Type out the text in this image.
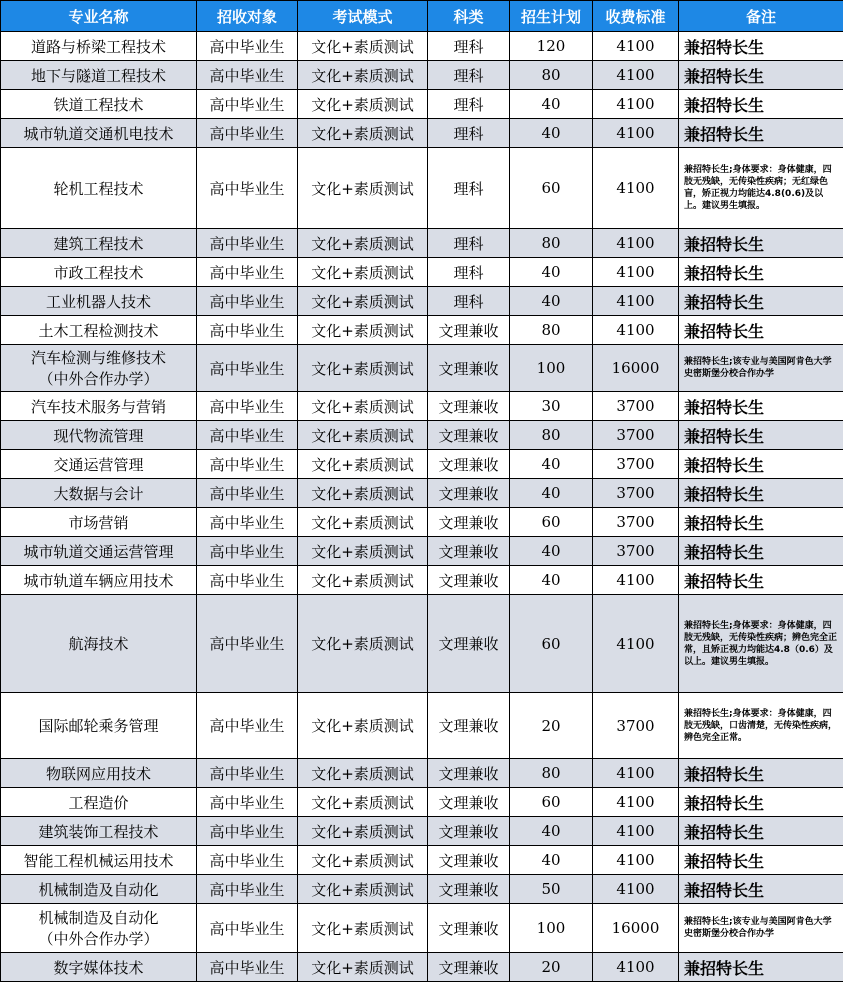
专业名称	招收对象	考试模式	科类	招生计划	收费标准	备注
道路与桥梁工程技术	高中毕业生	文化+素质测试	理科	120	4100	兼招特长生
地下与隧道工程技术	高中毕业生	文化+素质测试	理科	80	4100	兼招特长生
铁道工程技术	高中毕业生	文化+素质测试	理科	40	4100	兼招特长生
城市轨道交通机电技术	高中毕业生	文化+素质测试	理科	40	4100	兼招特长生
轮机工程技术	高中毕业生	文化+素质测试	理科	60	4100	兼招特长生;身体要求：身体健康，四肢无残缺，无传染性疾病；无红绿色盲，矫正视力均能达4.8(0.6)及以上。建议男生填报。
建筑工程技术	高中毕业生	文化+素质测试	理科	80	4100	兼招特长生
市政工程技术	高中毕业生	文化+素质测试	理科	40	4100	兼招特长生
工业机器人技术	高中毕业生	文化+素质测试	理科	40	4100	兼招特长生
土木工程检测技术	高中毕业生	文化+素质测试	文理兼收	80	4100	兼招特长生
汽车检测与维修技术
（中外合作办学）	高中毕业生	文化+素质测试	文理兼收	100	16000	兼招特长生;该专业与美国阿肯色大学史密斯堡分校合作办学
汽车技术服务与营销	高中毕业生	文化+素质测试	文理兼收	30	3700	兼招特长生
现代物流管理	高中毕业生	文化+素质测试	文理兼收	80	3700	兼招特长生
交通运营管理	高中毕业生	文化+素质测试	文理兼收	40	3700	兼招特长生
大数据与会计	高中毕业生	文化+素质测试	文理兼收	40	3700	兼招特长生
市场营销	高中毕业生	文化+素质测试	文理兼收	60	3700	兼招特长生
城市轨道交通运营管理	高中毕业生	文化+素质测试	文理兼收	40	3700	兼招特长生
城市轨道车辆应用技术	高中毕业生	文化+素质测试	文理兼收	40	4100	兼招特长生
航海技术	高中毕业生	文化+素质测试	文理兼收	60	4100	兼招特长生;身体要求：身体健康，四肢无残缺，无传染性疾病；辨色完全正常，且矫正视力均能达4.8（0.6）及以上。建议男生填报。
国际邮轮乘务管理	高中毕业生	文化+素质测试	文理兼收	20	3700	兼招特长生;身体要求：身体健康，四肢无残缺，口齿清楚，无传染性疾病，辨色完全正常。
物联网应用技术	高中毕业生	文化+素质测试	文理兼收	80	4100	兼招特长生
工程造价	高中毕业生	文化+素质测试	文理兼收	60	4100	兼招特长生
建筑装饰工程技术	高中毕业生	文化+素质测试	文理兼收	40	4100	兼招特长生
智能工程机械运用技术	高中毕业生	文化+素质测试	文理兼收	40	4100	兼招特长生
机械制造及自动化	高中毕业生	文化+素质测试	文理兼收	50	4100	兼招特长生
机械制造及自动化
（中外合作办学）	高中毕业生	文化+素质测试	文理兼收	100	16000	兼招特长生;该专业与美国阿肯色大学史密斯堡分校合作办学
数字媒体技术	高中毕业生	文化+素质测试	文理兼收	20	4100	兼招特长生
